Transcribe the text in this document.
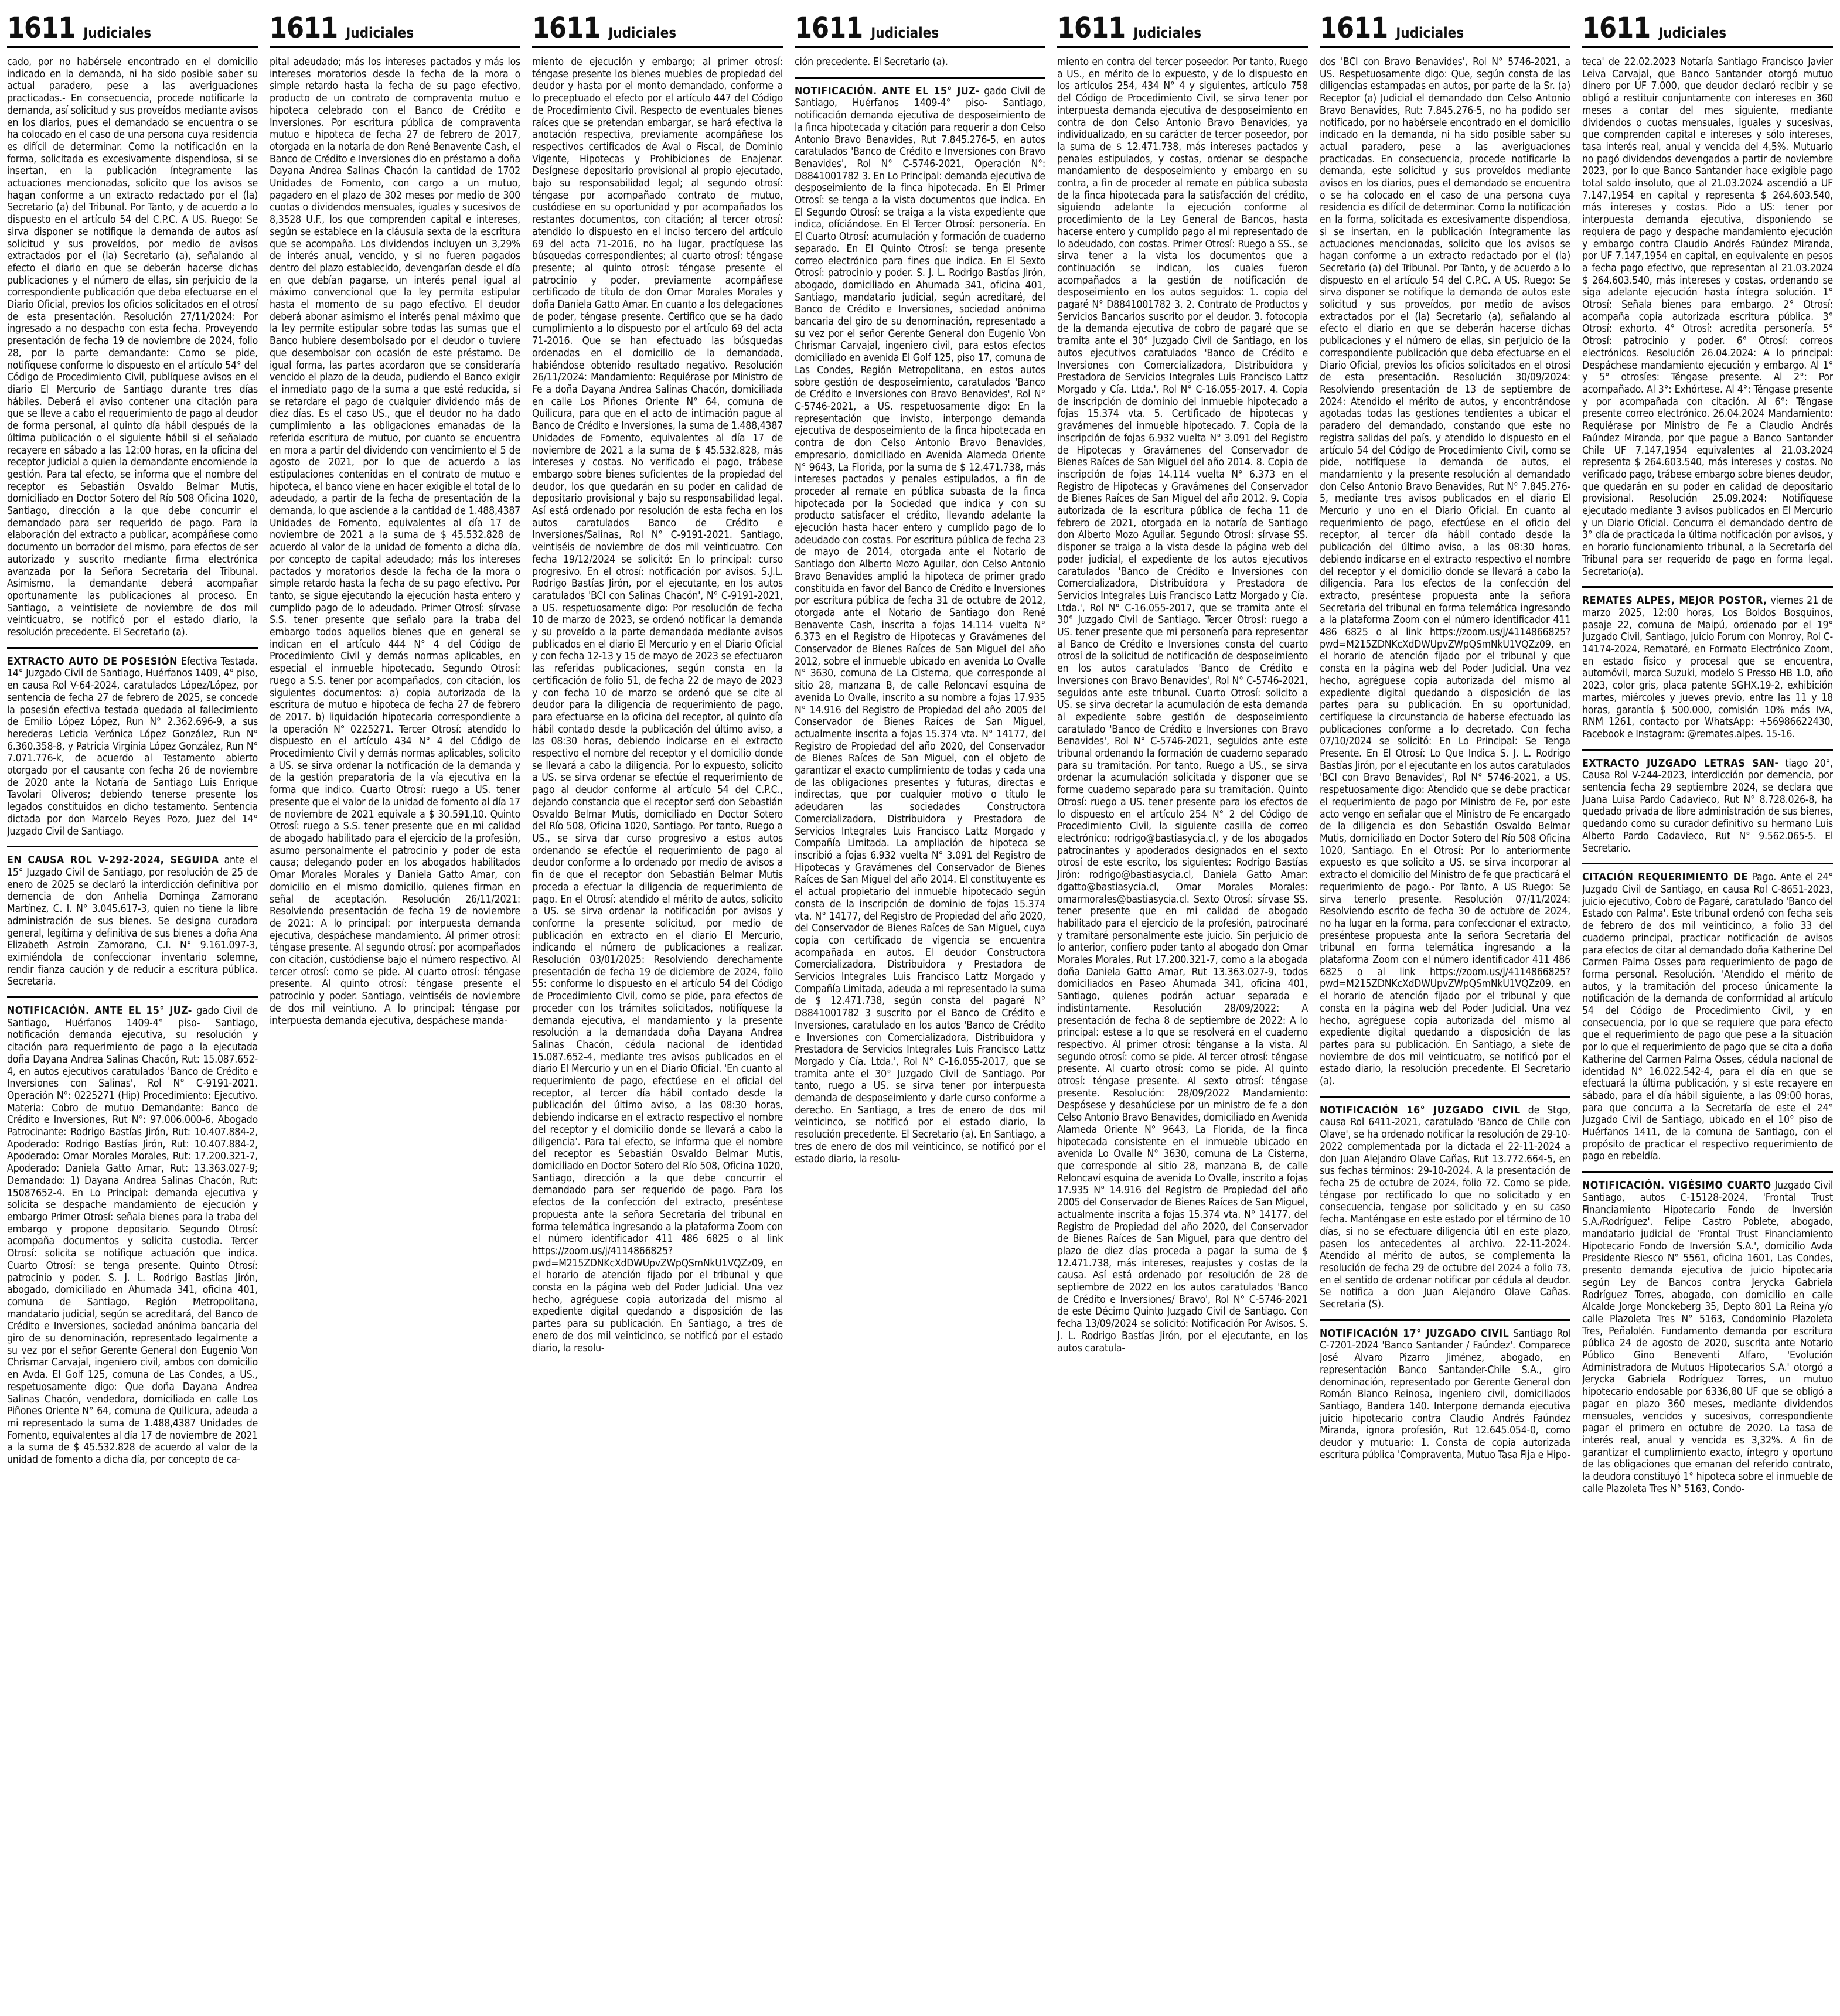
1611 Judiciales

cado, por no habérsele encontrado en el domicilio indicado en la demanda, ni ha sido posible saber su actual paradero, pese a las averiguaciones practicadas.- En consecuencia, procede notificarle la demanda, así solicitud y sus proveídos mediante avisos en los diarios, pues el demandado se encuentra o se ha colocado en el caso de una persona cuya residencia es difícil de determinar. Como la notificación en la forma, solicitada es excesivamente dispendiosa, si se insertan, en la publicación íntegramente las actuaciones mencionadas, solicito que los avisos se hagan conforme a un extracto redactado por el (la) Secretario (a) del Tribunal. Por Tanto, y de acuerdo a lo dispuesto en el artículo 54 del C.P.C. A US. Ruego: Se sirva disponer se notifique la demanda de autos así solicitud y sus proveídos, por medio de avisos extractados por el (la) Secretario (a), señalando al efecto el diario en que se deberán hacerse dichas publicaciones y el número de ellas, sin perjuicio de la correspondiente publicación que deba efectuarse en el Diario Oficial, previos los oficios solicitados en el otrosí de esta presentación. Resolución 27/11/2024: Por ingresado a no despacho con esta fecha. Proveyendo presentación de fecha 19 de noviembre de 2024, folio 28, por la parte demandante: Como se pide, notifíquese conforme lo dispuesto en el artículo 54° del Código de Procedimiento Civil, publíquese avisos en el diario El Mercurio de Santiago durante tres días hábiles. Deberá el aviso contener una citación para que se lleve a cabo el requerimiento de pago al deudor de forma personal, al quinto día hábil después de la última publicación o el siguiente hábil si el señalado recayere en sábado a las 12:00 horas, en la oficina del receptor judicial a quien la demandante encomiende la gestión. Para tal efecto, se informa que el nombre del receptor es Sebastián Osvaldo Belmar Mutis, domiciliado en Doctor Sotero del Río 508 Oficina 1020, Santiago, dirección a la que debe concurrir el demandado para ser requerido de pago. Para la elaboración del extracto a publicar, acompáñese como documento un borrador del mismo, para efectos de ser autorizado y suscrito mediante firma electrónica avanzada por la Señora Secretaria del Tribunal. Asimismo, la demandante deberá acompañar oportunamente las publicaciones al proceso. En Santiago, a veintisiete de noviembre de dos mil veinticuatro, se notificó por el estado diario, la resolución precedente. El Secretario (a).

EXTRACTO AUTO DE POSESIÓN Efectiva Testada. 14° Juzgado Civil de Santiago, Huérfanos 1409, 4° piso, en causa Rol V-64-2024, caratulados López/López, por sentencia de fecha 27 de febrero de 2025, se concede la posesión efectiva testada quedada al fallecimiento de Emilio López López, Run N° 2.362.696-9, a sus herederas Leticia Verónica López González, Run N° 6.360.358-8, y Patricia Virginia López González, Run N° 7.071.776-k, de acuerdo al Testamento abierto otorgado por el causante con fecha 26 de noviembre de 2020 ante la Notaría de Santiago Luis Enrique Tavolari Oliveros; debiendo tenerse presente los legados constituidos en dicho testamento. Sentencia dictada por don Marcelo Reyes Pozo, Juez del 14° Juzgado Civil de Santiago.

EN CAUSA ROL V-292-2024, SEGUIDA ante el 15° Juzgado Civil de Santiago, por resolución de 25 de enero de 2025 se declaró la interdicción definitiva por demencia de don Anhelia Dominga Zamorano Martínez, C. I. N° 3.045.617-3, quien no tiene la libre administración de sus bienes. Se designa curadora general, legítima y definitiva de sus bienes a doña Ana Elizabeth Astroin Zamorano, C.I. N° 9.161.097-3, eximiéndola de confeccionar inventario solemne, rendir fianza caución y de reducir a escritura pública. Secretaria.

NOTIFICACIÓN. ANTE EL 15° JUZ- gado Civil de Santiago, Huérfanos 1409-4° piso- Santiago, notificación demanda ejecutiva, su resolución y citación para requerimiento de pago a la ejecutada doña Dayana Andrea Salinas Chacón, Rut: 15.087.652-4, en autos ejecutivos caratulados 'Banco de Crédito e Inversiones con Salinas', Rol N° C-9191-2021. Operación N°: 0225271 (Hip) Procedimiento: Ejecutivo. Materia: Cobro de mutuo Demandante: Banco de Crédito e Inversiones, Rut N°: 97.006.000-6, Abogado Patrocinante: Rodrigo Bastías Jirón, Rut: 10.407.884-2, Apoderado: Rodrigo Bastías Jirón, Rut: 10.407.884-2, Apoderado: Omar Morales Morales, Rut: 17.200.321-7, Apoderado: Daniela Gatto Amar, Rut: 13.363.027-9; Demandado: 1) Dayana Andrea Salinas Chacón, Rut: 15087652-4. En Lo Principal: demanda ejecutiva y solicita se despache mandamiento de ejecución y embargo Primer Otrosí: señala bienes para la traba del embargo y propone depositario. Segundo Otrosí: acompaña documentos y solicita custodia. Tercer Otrosí: solicita se notifique actuación que indica. Cuarto Otrosí: se tenga presente. Quinto Otrosí: patrocinio y poder. S. J. L. Rodrigo Bastías Jirón, abogado, domiciliado en Ahumada 341, oficina 401, comuna de Santiago, Región Metropolitana, mandatario judicial, según se acreditará, del Banco de Crédito e Inversiones, sociedad anónima bancaria del giro de su denominación, representado legalmente a su vez por el señor Gerente General don Eugenio Von Chrismar Carvajal, ingeniero civil, ambos con domicilio en Avda. El Golf 125, comuna de Las Condes, a US., respetuosamente digo: Que doña Dayana Andrea Salinas Chacón, vendedora, domiciliada en calle Los Piñones Oriente N° 64, comuna de Quilicura, adeuda a mi representado la suma de 1.488,4387 Unidades de Fomento, equivalentes al día 17 de noviembre de 2021 a la suma de $ 45.532.828 de acuerdo al valor de la unidad de fomento a dicha día, por concepto de ca-

1611 Judiciales

pital adeudado; más los intereses pactados y más los intereses moratorios desde la fecha de la mora o simple retardo hasta la fecha de su pago efectivo, producto de un contrato de compraventa mutuo e hipoteca celebrado con el Banco de Crédito e Inversiones. Por escritura pública de compraventa mutuo e hipoteca de fecha 27 de febrero de 2017, otorgada en la notaría de don René Benavente Cash, el Banco de Crédito e Inversiones dio en préstamo a doña Dayana Andrea Salinas Chacón la cantidad de 1702 Unidades de Fomento, con cargo a un mutuo, pagadero en el plazo de 302 meses por medio de 300 cuotas o dividendos mensuales, iguales y sucesivos de 8,3528 U.F., los que comprenden capital e intereses, según se establece en la cláusula sexta de la escritura que se acompaña. Los dividendos incluyen un 3,29% de interés anual, vencido, y si no fueren pagados dentro del plazo establecido, devengarían desde el día en que debían pagarse, un interés penal igual al máximo convencional que la ley permita estipular hasta el momento de su pago efectivo. El deudor deberá abonar asimismo el interés penal máximo que la ley permite estipular sobre todas las sumas que el Banco hubiere desembolsado por el deudor o tuviere que desembolsar con ocasión de este préstamo. De igual forma, las partes acordaron que se consideraría vencido el plazo de la deuda, pudiendo el Banco exigir el inmediato pago de la suma a que esté reducida, si se retardare el pago de cualquier dividendo más de diez días. Es el caso US., que el deudor no ha dado cumplimiento a las obligaciones emanadas de la referida escritura de mutuo, por cuanto se encuentra en mora a partir del dividendo con vencimiento el 5 de agosto de 2021, por lo que de acuerdo a las estipulaciones contenidas en el contrato de mutuo e hipoteca, el banco viene en hacer exigible el total de lo adeudado, a partir de la fecha de presentación de la demanda, lo que asciende a la cantidad de 1.488,4387 Unidades de Fomento, equivalentes al día 17 de noviembre de 2021 a la suma de $ 45.532.828 de acuerdo al valor de la unidad de fomento a dicha día, por concepto de capital adeudado; más los intereses pactados y moratorios desde la fecha de la mora o simple retardo hasta la fecha de su pago efectivo. Por tanto, se sigue ejecutando la ejecución hasta entero y cumplido pago de lo adeudado. Primer Otrosí: sírvase S.S. tener presente que señalo para la traba del embargo todos aquellos bienes que en general se indican en el artículo 444 N° 4 del Código de Procedimiento Civil y demás normas aplicables, en especial el inmueble hipotecado. Segundo Otrosí: ruego a S.S. tener por acompañados, con citación, los siguientes documentos: a) copia autorizada de la escritura de mutuo e hipoteca de fecha 27 de febrero de 2017. b) liquidación hipotecaria correspondiente a la operación N° 0225271. Tercer Otrosí: atendido lo dispuesto en el artículo 434 N° 4 del Código de Procedimiento Civil y demás normas aplicables, solicito a US. se sirva ordenar la notificación de la demanda y de la gestión preparatoria de la vía ejecutiva en la forma que indico. Cuarto Otrosí: ruego a US. tener presente que el valor de la unidad de fomento al día 17 de noviembre de 2021 equivale a $ 30.591,10. Quinto Otrosí: ruego a S.S. tener presente que en mi calidad de abogado habilitado para el ejercicio de la profesión, asumo personalmente el patrocinio y poder de esta causa; delegando poder en los abogados habilitados Omar Morales Morales y Daniela Gatto Amar, con domicilio en el mismo domicilio, quienes firman en señal de aceptación. Resolución 26/11/2021: Resolviendo presentación de fecha 19 de noviembre de 2021: A lo principal: por interpuesta demanda ejecutiva, despáchese mandamiento. Al primer otrosí: téngase presente. Al segundo otrosí: por acompañados con citación, custódiense bajo el número respectivo. Al tercer otrosí: como se pide. Al cuarto otrosí: téngase presente. Al quinto otrosí: téngase presente el patrocinio y poder. Santiago, veintiséis de noviembre de dos mil veintiuno. A lo principal: téngase por interpuesta demanda ejecutiva, despáchese manda-

1611 Judiciales

miento de ejecución y embargo; al primer otrosí: téngase presente los bienes muebles de propiedad del deudor y hasta por el monto demandado, conforme a lo preceptuado el efecto por el artículo 447 del Código de Procedimiento Civil. Respecto de eventuales bienes raíces que se pretendan embargar, se hará efectiva la anotación respectiva, previamente acompáñese los respectivos certificados de Aval o Fiscal, de Dominio Vigente, Hipotecas y Prohibiciones de Enajenar. Desígnese depositario provisional al propio ejecutado, bajo su responsabilidad legal; al segundo otrosí: téngase por acompañado contrato de mutuo, custódiese en su oportunidad y por acompañados los restantes documentos, con citación; al tercer otrosí: atendido lo dispuesto en el inciso tercero del artículo 69 del acta 71-2016, no ha lugar, practíquese las búsquedas correspondientes; al cuarto otrosí: téngase presente; al quinto otrosí: téngase presente el patrocinio y poder, previamente acompáñese certificado de título de don Omar Morales Morales y doña Daniela Gatto Amar. En cuanto a los delegaciones de poder, téngase presente. Certifico que se ha dado cumplimiento a lo dispuesto por el artículo 69 del acta 71-2016. Que se han efectuado las búsquedas ordenadas en el domicilio de la demandada, habiéndose obtenido resultado negativo. Resolución 26/11/2024: Mandamiento: Requiérase por Ministro de Fe a doña Dayana Andrea Salinas Chacón, domiciliada en calle Los Piñones Oriente N° 64, comuna de Quilicura, para que en el acto de intimación pague al Banco de Crédito e Inversiones, la suma de 1.488,4387 Unidades de Fomento, equivalentes al día 17 de noviembre de 2021 a la suma de $ 45.532.828, más intereses y costas. No verificado el pago, trábese embargo sobre bienes suficientes de la propiedad del deudor, los que quedarán en su poder en calidad de depositario provisional y bajo su responsabilidad legal. Así está ordenado por resolución de esta fecha en los autos caratulados Banco de Crédito e Inversiones/Salinas, Rol N° C-9191-2021. Santiago, veintiséis de noviembre de dos mil veinticuatro. Con fecha 19/12/2024 se solicitó: En lo principal: curso progresivo. En el otrosí: notificación por avisos. S.J.L. Rodrigo Bastías Jirón, por el ejecutante, en los autos caratulados 'BCI con Salinas Chacón', N° C-9191-2021, a US. respetuosamente digo: Por resolución de fecha 10 de marzo de 2023, se ordenó notificar la demanda y su proveído a la parte demandada mediante avisos publicados en el diario El Mercurio y en el Diario Oficial y con fecha 12-13 y 15 de mayo de 2023 se efectuaron las referidas publicaciones, según consta en la certificación de folio 51, de fecha 22 de mayo de 2023 y con fecha 10 de marzo se ordenó que se cite al deudor para la diligencia de requerimiento de pago, para efectuarse en la oficina del receptor, al quinto día hábil contado desde la publicación del último aviso, a las 08:30 horas, debiendo indicarse en el extracto respectivo el nombre del receptor y el domicilio donde se llevará a cabo la diligencia. Por lo expuesto, solicito a US. se sirva ordenar se efectúe el requerimiento de pago al deudor conforme al artículo 54 del C.P.C., dejando constancia que el receptor será don Sebastián Osvaldo Belmar Mutis, domiciliado en Doctor Sotero del Río 508, Oficina 1020, Santiago. Por tanto, Ruego a US., se sirva dar curso progresivo a estos autos ordenando se efectúe el requerimiento de pago al deudor conforme a lo ordenado por medio de avisos a fin de que el receptor don Sebastián Belmar Mutis proceda a efectuar la diligencia de requerimiento de pago. En el Otrosí: atendido el mérito de autos, solicito a US. se sirva ordenar la notificación por avisos y conforme la presente solicitud, por medio de publicación en extracto en el diario El Mercurio, indicando el número de publicaciones a realizar. Resolución 03/01/2025: Resolviendo derechamente presentación de fecha 19 de diciembre de 2024, folio 55: conforme lo dispuesto en el artículo 54 del Código de Procedimiento Civil, como se pide, para efectos de proceder con los trámites solicitados, notifíquese la demanda ejecutiva, el mandamiento y la presente resolución a la demandada doña Dayana Andrea Salinas Chacón, cédula nacional de identidad 15.087.652-4, mediante tres avisos publicados en el diario El Mercurio y un en el Diario Oficial. 'En cuanto al requerimiento de pago, efectúese en el oficial del receptor, al tercer día hábil contado desde la publicación del último aviso, a las 08:30 horas, debiendo indicarse en el extracto respectivo el nombre del receptor y el domicilio donde se llevará a cabo la diligencia'. Para tal efecto, se informa que el nombre del receptor es Sebastián Osvaldo Belmar Mutis, domiciliado en Doctor Sotero del Río 508, Oficina 1020, Santiago, dirección a la que debe concurrir el demandado para ser requerido de pago. Para los efectos de la confección del extracto, preséntese propuesta ante la señora Secretaria del tribunal en forma telemática ingresando a la plataforma Zoom con el número identificador 411 486 6825 o al link https://zoom.us/j/4114866825?pwd=M215ZDNKcXdDWUpvZWpQSmNkU1VQZz09, en el horario de atención fijado por el tribunal y que consta en la página web del Poder Judicial. Una vez hecho, agréguese copia autorizada del mismo al expediente digital quedando a disposición de las partes para su publicación. En Santiago, a tres de enero de dos mil veinticinco, se notificó por el estado diario, la resolu-

1611 Judiciales

ción precedente. El Secretario (a).

NOTIFICACIÓN. ANTE EL 15° JUZ- gado Civil de Santiago, Huérfanos 1409-4° piso- Santiago, notificación demanda ejecutiva de desposeimiento de la finca hipotecada y citación para requerir a don Celso Antonio Bravo Benavides, Rut 7.845.276-5, en autos caratulados 'Banco de Crédito e Inversiones con Bravo Benavides', Rol N° C-5746-2021, Operación N°: D8841001782 3. En Lo Principal: demanda ejecutiva de desposeimiento de la finca hipotecada. En El Primer Otrosí: se tenga a la vista documentos que indica. En El Segundo Otrosí: se traiga a la vista expediente que indica, ofíciándose. En El Tercer Otrosí: personería. En El Cuarto Otrosí: acumulación y formación de cuaderno separado. En El Quinto Otrosí: se tenga presente correo electrónico para fines que indica. En El Sexto Otrosí: patrocinio y poder. S. J. L. Rodrigo Bastías Jirón, abogado, domiciliado en Ahumada 341, oficina 401, Santiago, mandatario judicial, según acreditaré, del Banco de Crédito e Inversiones, sociedad anónima bancaria del giro de su denominación, representado a su vez por el señor Gerente General don Eugenio Von Chrismar Carvajal, ingeniero civil, para estos efectos domiciliado en avenida El Golf 125, piso 17, comuna de Las Condes, Región Metropolitana, en estos autos sobre gestión de desposeimiento, caratulados 'Banco de Crédito e Inversiones con Bravo Benavides', Rol N° C-5746-2021, a US. respetuosamente digo: En la representación que invisto, interpongo demanda ejecutiva de desposeimiento de la finca hipotecada en contra de don Celso Antonio Bravo Benavides, empresario, domiciliado en Avenida Alameda Oriente N° 9643, La Florida, por la suma de $ 12.471.738, más intereses pactados y penales estipulados, a fin de proceder al remate en pública subasta de la finca hipotecada por la Sociedad que indica y con su producto satisfacer el crédito, llevando adelante la ejecución hasta hacer entero y cumplido pago de lo adeudado con costas. Por escritura pública de fecha 23 de mayo de 2014, otorgada ante el Notario de Santiago don Alberto Mozo Aguilar, don Celso Antonio Bravo Benavides amplió la hipoteca de primer grado constituida en favor del Banco de Crédito e Inversiones por escritura pública de fecha 31 de octubre de 2012, otorgada ante el Notario de Santiago don René Benavente Cash, inscrita a fojas 14.114 vuelta N° 6.373 en el Registro de Hipotecas y Gravámenes del Conservador de Bienes Raíces de San Miguel del año 2012, sobre el inmueble ubicado en avenida Lo Ovalle N° 3630, comuna de La Cisterna, que corresponde al sitio 28, manzana B, de calle Reloncaví esquina de avenida Lo Ovalle, inscrito a su nombre a fojas 17.935 N° 14.916 del Registro de Propiedad del año 2005 del Conservador de Bienes Raíces de San Miguel, actualmente inscrita a fojas 15.374 vta. N° 14177, del Registro de Propiedad del año 2020, del Conservador de Bienes Raíces de San Miguel, con el objeto de garantizar el exacto cumplimiento de todas y cada una de las obligaciones presentes y futuras, directas e indirectas, que por cualquier motivo o título le adeudaren las sociedades Constructora Comercializadora, Distribuidora y Prestadora de Servicios Integrales Luis Francisco Lattz Morgado y Compañía Limitada. La ampliación de hipoteca se inscribió a fojas 6.932 vuelta N° 3.091 del Registro de Hipotecas y Gravámenes del Conservador de Bienes Raíces de San Miguel del año 2014. El constituyente es el actual propietario del inmueble hipotecado según consta de la inscripción de dominio de fojas 15.374 vta. N° 14177, del Registro de Propiedad del año 2020, del Conservador de Bienes Raíces de San Miguel, cuya copia con certificado de vigencia se encuentra acompañada en autos. El deudor Constructora Comercializadora, Distribuidora y Prestadora de Servicios Integrales Luis Francisco Lattz Morgado y Compañía Limitada, adeuda a mi representado la suma de $ 12.471.738, según consta del pagaré N° D8841001782 3 suscrito por el Banco de Crédito e Inversiones, caratulado en los autos 'Banco de Crédito e Inversiones con Comercializadora, Distribuidora y Prestadora de Servicios Integrales Luis Francisco Lattz Morgado y Cía. Ltda.', Rol N° C-16.055-2017, que se tramita ante el 30° Juzgado Civil de Santiago. Por tanto, ruego a US. se sirva tener por interpuesta demanda de desposeimiento y darle curso conforme a derecho. En Santiago, a tres de enero de dos mil veinticinco, se notificó por el estado diario, la resolución precedente. El Secretario (a). En Santiago, a tres de enero de dos mil veinticinco, se notificó por el estado diario, la resolu-

1611 Judiciales

miento en contra del tercer poseedor. Por tanto, Ruego a US., en mérito de lo expuesto, y de lo dispuesto en los artículos 254, 434 N° 4 y siguientes, artículo 758 del Código de Procedimiento Civil, se sirva tener por interpuesta demanda ejecutiva de desposeimiento en contra de don Celso Antonio Bravo Benavides, ya individualizado, en su carácter de tercer poseedor, por la suma de $ 12.471.738, más intereses pactados y penales estipulados, y costas, ordenar se despache mandamiento de desposeimiento y embargo en su contra, a fin de proceder al remate en pública subasta de la finca hipotecada para la satisfacción del crédito, siguiendo adelante la ejecución conforme al procedimiento de la Ley General de Bancos, hasta hacerse entero y cumplido pago al mi representado de lo adeudado, con costas. Primer Otrosí: Ruego a SS., se sirva tener a la vista los documentos que a continuación se indican, los cuales fueron acompañados a la gestión de notificación de desposeimiento en los autos seguidos: 1. copia del pagaré N° D8841001782 3. 2. Contrato de Productos y Servicios Bancarios suscrito por el deudor. 3. fotocopia de la demanda ejecutiva de cobro de pagaré que se tramita ante el 30° Juzgado Civil de Santiago, en los autos ejecutivos caratulados 'Banco de Crédito e Inversiones con Comercializadora, Distribuidora y Prestadora de Servicios Integrales Luis Francisco Lattz Morgado y Cía. Ltda.', Rol N° C-16.055-2017. 4. Copia de inscripción de dominio del inmueble hipotecado a fojas 15.374 vta. 5. Certificado de hipotecas y gravámenes del inmueble hipotecado. 7. Copia de la inscripción de fojas 6.932 vuelta N° 3.091 del Registro de Hipotecas y Gravámenes del Conservador de Bienes Raíces de San Miguel del año 2014. 8. Copia de inscripción de fojas 14.114 vuelta N° 6.373 en el Registro de Hipotecas y Gravámenes del Conservador de Bienes Raíces de San Miguel del año 2012. 9. Copia autorizada de la escritura pública de fecha 11 de febrero de 2021, otorgada en la notaría de Santiago don Alberto Mozo Aguilar. Segundo Otrosí: sírvase SS. disponer se traiga a la vista desde la página web del poder judicial, el expediente de los autos ejecutivos caratulados 'Banco de Crédito e Inversiones con Comercializadora, Distribuidora y Prestadora de Servicios Integrales Luis Francisco Lattz Morgado y Cía. Ltda.', Rol N° C-16.055-2017, que se tramita ante el 30° Juzgado Civil de Santiago. Tercer Otrosí: ruego a US. tener presente que mi personería para representar al Banco de Crédito e Inversiones consta del cuarto otrosí de la solicitud de notificación de desposeimiento en los autos caratulados 'Banco de Crédito e Inversiones con Bravo Benavides', Rol N° C-5746-2021, seguidos ante este tribunal. Cuarto Otrosí: solicito a US. se sirva decretar la acumulación de esta demanda al expediente sobre gestión de desposeimiento caratulado 'Banco de Crédito e Inversiones con Bravo Benavides', Rol N° C-5746-2021, seguidos ante este tribunal ordenando la formación de cuaderno separado para su tramitación. Por tanto, Ruego a US., se sirva ordenar la acumulación solicitada y disponer que se forme cuaderno separado para su tramitación. Quinto Otrosí: ruego a US. tener presente para los efectos de lo dispuesto en el artículo 254 N° 2 del Código de Procedimiento Civil, la siguiente casilla de correo electrónico: rodrigo@bastiasycia.cl, y de los abogados patrocinantes y apoderados designados en el sexto otrosí de este escrito, los siguientes: Rodrigo Bastías Jirón: rodrigo@bastiasycia.cl, Daniela Gatto Amar: dgatto@bastiasycia.cl, Omar Morales Morales: omarmorales@bastiasycia.cl. Sexto Otrosí: sírvase SS. tener presente que en mi calidad de abogado habilitado para el ejercicio de la profesión, patrocinaré y tramitaré personalmente este juicio. Sin perjuicio de lo anterior, confiero poder tanto al abogado don Omar Morales Morales, Rut 17.200.321-7, como a la abogada doña Daniela Gatto Amar, Rut 13.363.027-9, todos domiciliados en Paseo Ahumada 341, oficina 401, Santiago, quienes podrán actuar separada e indistintamente. Resolución 28/09/2022: A presentación de fecha 8 de septiembre de 2022: A lo principal: estese a lo que se resolverá en el cuaderno respectivo. Al primer otrosí: ténganse a la vista. Al segundo otrosí: como se pide. Al tercer otrosí: téngase presente. Al cuarto otrosí: como se pide. Al quinto otrosí: téngase presente. Al sexto otrosí: téngase presente. Resolución: 28/09/2022 Mandamiento: Despósese y desahúciese por un ministro de fe a don Celso Antonio Bravo Benavides, domiciliado en Avenida Alameda Oriente N° 9643, La Florida, de la finca hipotecada consistente en el inmueble ubicado en avenida Lo Ovalle N° 3630, comuna de La Cisterna, que corresponde al sitio 28, manzana B, de calle Reloncaví esquina de avenida Lo Ovalle, inscrito a fojas 17.935 N° 14.916 del Registro de Propiedad del año 2005 del Conservador de Bienes Raíces de San Miguel, actualmente inscrita a fojas 15.374 vta. N° 14177, del Registro de Propiedad del año 2020, del Conservador de Bienes Raíces de San Miguel, para que dentro del plazo de diez días proceda a pagar la suma de $ 12.471.738, más intereses, reajustes y costas de la causa. Así está ordenado por resolución de 28 de septiembre de 2022 en los autos caratulados 'Banco de Crédito e Inversiones/ Bravo', Rol N° C-5746-2021 de este Décimo Quinto Juzgado Civil de Santiago. Con fecha 13/09/2024 se solicitó: Notificación Por Avisos. S. J. L. Rodrigo Bastías Jirón, por el ejecutante, en los autos caratula-

1611 Judiciales

dos 'BCI con Bravo Benavides', Rol N° 5746-2021, a US. Respetuosamente digo: Que, según consta de las diligencias estampadas en autos, por parte de la Sr. (a) Receptor (a) Judicial el demandado don Celso Antonio Bravo Benavides, Rut: 7.845.276-5, no ha podido ser notificado, por no habérsele encontrado en el domicilio indicado en la demanda, ni ha sido posible saber su actual paradero, pese a las averiguaciones practicadas. En consecuencia, procede notificarle la demanda, este solicitud y sus proveídos mediante avisos en los diarios, pues el demandado se encuentra o se ha colocado en el caso de una persona cuya residencia es difícil de determinar. Como la notificación en la forma, solicitada es excesivamente dispendiosa, si se insertan, en la publicación íntegramente las actuaciones mencionadas, solicito que los avisos se hagan conforme a un extracto redactado por el (la) Secretario (a) del Tribunal. Por Tanto, y de acuerdo a lo dispuesto en el artículo 54 del C.P.C. A US. Ruego: Se sirva disponer se notifique la demanda de autos este solicitud y sus proveídos, por medio de avisos extractados por el (la) Secretario (a), señalando al efecto el diario en que se deberán hacerse dichas publicaciones y el número de ellas, sin perjuicio de la correspondiente publicación que deba efectuarse en el Diario Oficial, previos los oficios solicitados en el otrosí de esta presentación. Resolución 30/09/2024: Resolviendo presentación de 13 de septiembre de 2024: Atendido el mérito de autos, y encontrándose agotadas todas las gestiones tendientes a ubicar el paradero del demandado, constando que este no registra salidas del país, y atendido lo dispuesto en el artículo 54 del Código de Procedimiento Civil, como se pide, notifíquese la demanda de autos, el mandamiento y la presente resolución al demandado don Celso Antonio Bravo Benavides, Rut N° 7.845.276-5, mediante tres avisos publicados en el diario El Mercurio y uno en el Diario Oficial. En cuanto al requerimiento de pago, efectúese en el oficio del receptor, al tercer día hábil contado desde la publicación del último aviso, a las 08:30 horas, debiendo indicarse en el extracto respectivo el nombre del receptor y el domicilio donde se llevará a cabo la diligencia. Para los efectos de la confección del extracto, preséntese propuesta ante la señora Secretaria del tribunal en forma telemática ingresando a la plataforma Zoom con el número identificador 411 486 6825 o al link https://zoom.us/j/4114866825?pwd=M215ZDNKcXdDWUpvZWpQSmNkU1VQZz09, en el horario de atención fijado por el tribunal y que consta en la página web del Poder Judicial. Una vez hecho, agréguese copia autorizada del mismo al expediente digital quedando a disposición de las partes para su publicación. En su oportunidad, certifíquese la circunstancia de haberse efectuado las publicaciones conforme a lo decretado. Con fecha 07/10/2024 se solicitó: En Lo Principal: Se Tenga Presente. En El Otrosí: Lo Que Indica S. J. L. Rodrigo Bastías Jirón, por el ejecutante en los autos caratulados 'BCI con Bravo Benavides', Rol N° 5746-2021, a US. respetuosamente digo: Atendido que se debe practicar el requerimiento de pago por Ministro de Fe, por este acto vengo en señalar que el Ministro de Fe encargado de la diligencia es don Sebastián Osvaldo Belmar Mutis, domiciliado en Doctor Sotero del Río 508 Oficina 1020, Santiago. En el Otrosí: Por lo anteriormente expuesto es que solicito a US. se sirva incorporar al extracto el domicilio del Ministro de fe que practicará el requerimiento de pago.- Por Tanto, A US Ruego: Se sirva tenerlo presente. Resolución 07/11/2024: Resolviendo escrito de fecha 30 de octubre de 2024, no ha lugar en la forma, para confeccionar el extracto, preséntese propuesta ante la señora Secretaria del tribunal en forma telemática ingresando a la plataforma Zoom con el número identificador 411 486 6825 o al link https://zoom.us/j/4114866825?pwd=M215ZDNKcXdDWUpvZWpQSmNkU1VQZz09, en el horario de atención fijado por el tribunal y que consta en la página web del Poder Judicial. Una vez hecho, agréguese copia autorizada del mismo al expediente digital quedando a disposición de las partes para su publicación. En Santiago, a siete de noviembre de dos mil veinticuatro, se notificó por el estado diario, la resolución precedente. El Secretario (a).

NOTIFICACIÓN 16° JUZGADO CIVIL de Stgo, causa Rol 6411-2021, caratulado 'Banco de Chile con Olave', se ha ordenado notificar la resolución de 29-10-2022 complementada por la dictada el 22-11-2024 a don Juan Alejandro Olave Cañas, Rut 13.772.664-5, en sus fechas términos: 29-10-2024. A la presentación de fecha 25 de octubre de 2024, folio 72. Como se pide, téngase por rectificado lo que no solicitado y en consecuencia, tengase por solicitado y en su caso fecha. Manténgase en este estado por el término de 10 días, si no se efectuare diligencia útil en este plazo, pasen los antecedentes al archivo. 22-11-2024. Atendido al mérito de autos, se complementa la resolución de fecha 29 de octubre del 2024 a folio 73, en el sentido de ordenar notificar por cédula al deudor. Se notifica a don Juan Alejandro Olave Cañas. Secretaria (S).

NOTIFICACIÓN 17° JUZGADO CIVIL Santiago Rol C-7201-2024 'Banco Santander / Faúndez'. Comparece José Alvaro Pizarro Jiménez, abogado, en representación Banco Santander-Chile S.A., giro denominación, representado por Gerente General don Román Blanco Reinosa, ingeniero civil, domiciliados Santiago, Bandera 140. Interpone demanda ejecutiva juicio hipotecario contra Claudio Andrés Faúndez Miranda, ignora profesión, Rut 12.645.054-0, como deudor y mutuario: 1. Consta de copia autorizada escritura pública 'Compraventa, Mutuo Tasa Fija e Hipo-

1611 Judiciales

teca' de 22.02.2023 Notaría Santiago Francisco Javier Leiva Carvajal, que Banco Santander otorgó mutuo dinero por UF 7.000, que deudor declaró recibir y se obligó a restituir conjuntamente con intereses en 360 meses a contar del mes siguiente, mediante dividendos o cuotas mensuales, iguales y sucesivas, que comprenden capital e intereses y sólo intereses, tasa interés real, anual y vencida del 4,5%. Mutuario no pagó dividendos devengados a partir de noviembre 2023, por lo que Banco Santander hace exigible pago total saldo insoluto, que al 21.03.2024 ascendió a UF 7.147,1954 en capital y representa $ 264.603.540, más intereses y costas. Pido a US: tener por interpuesta demanda ejecutiva, disponiendo se requiera de pago y despache mandamiento ejecución y embargo contra Claudio Andrés Faúndez Miranda, por UF 7.147,1954 en capital, en equivalente en pesos a fecha pago efectivo, que representan al 21.03.2024 $ 264.603.540, más intereses y costas, ordenando se siga adelante ejecución hasta íntegra solución. 1° Otrosí: Señala bienes para embargo. 2° Otrosí: acompaña copia autorizada escritura pública. 3° Otrosí: exhorto. 4° Otrosí: acredita personería. 5° Otrosí: patrocinio y poder. 6° Otrosí: correos electrónicos. Resolución 26.04.2024: A lo principal: Despáchese mandamiento ejecución y embargo. Al 1° y 5° otrosíes: Téngase presente. Al 2°: Por acompañado. Al 3°: Exhórtese. Al 4°: Téngase presente y por acompañada con citación. Al 6°: Téngase presente correo electrónico. 26.04.2024 Mandamiento: Requiérase por Ministro de Fe a Claudio Andrés Faúndez Miranda, por que pague a Banco Santander Chile UF 7.147,1954 equivalentes al 21.03.2024 representa $ 264.603.540, más intereses y costas. No verificado pago, trábese embargo sobre bienes deudor, que quedarán en su poder en calidad de depositario provisional. Resolución 25.09.2024: Notifíquese ejecutado mediante 3 avisos publicados en El Mercurio y un Diario Oficial. Concurra el demandado dentro de 3° día de practicada la última notificación por avisos, y en horario funcionamiento tribunal, a la Secretaría del Tribunal para ser requerido de pago en forma legal. Secretario(a).

REMATES ALPES, MEJOR POSTOR, viernes 21 de marzo 2025, 12:00 horas, Los Boldos Bosquinos, pasaje 22, comuna de Maipú, ordenado por el 19° Juzgado Civil, Santiago, juicio Forum con Monroy, Rol C-14174-2024, Remataré, en Formato Electrónico Zoom, en estado físico y procesal que se encuentra, automóvil, marca Suzuki, modelo S Presso HB 1.0, año 2023, color gris, placa patente SGHX.19-2, exhibición martes, miércoles y jueves previo, entre las 11 y 18 horas, garantía $ 500.000, comisión 10% más IVA, RNM 1261, contacto por WhatsApp: +56986622430, Facebook e Instagram: @remates.alpes. 15-16.

EXTRACTO JUZGADO LETRAS SAN- tiago 20°, Causa Rol V-244-2023, interdicción por demencia, por sentencia fecha 29 septiembre 2024, se declara que Juana Luisa Pardo Cadavieco, Rut N° 8.728.026-8, ha quedado privada de libre administración de sus bienes, quedando como su curador definitivo su hermano Luis Alberto Pardo Cadavieco, Rut N° 9.562.065-5. El Secretario.

CITACIÓN REQUERIMIENTO DE Pago. Ante el 24° Juzgado Civil de Santiago, en causa Rol C-8651-2023, juicio ejecutivo, Cobro de Pagaré, caratulado 'Banco del Estado con Palma'. Este tribunal ordenó con fecha seis de febrero de dos mil veinticinco, a folio 33 del cuaderno principal, practicar notificación de avisos para efectos de citar al demandado doña Katherine Del Carmen Palma Osses para requerimiento de pago de forma personal. Resolución. 'Atendido el mérito de autos, y la tramitación del proceso únicamente la notificación de la demanda de conformidad al artículo 54 del Código de Procedimiento Civil, y en consecuencia, por lo que se requiere que para efecto que el requerimiento de pago que pese a la situación por lo que el requerimiento de pago que se cita a doña Katherine del Carmen Palma Osses, cédula nacional de identidad N° 16.022.542-4, para el día en que se efectuará la última publicación, y si este recayere en sábado, para el día hábil siguiente, a las 09:00 horas, para que concurra a la Secretaría de este el 24° Juzgado Civil de Santiago, ubicado en el 10° piso de Huérfanos 1411, de la comuna de Santiago, con el propósito de practicar el respectivo requerimiento de pago en rebeldía.

NOTIFICACIÓN. VIGÉSIMO CUARTO Juzgado Civil Santiago, autos C-15128-2024, 'Frontal Trust Financiamiento Hipotecario Fondo de Inversión S.A./Rodríguez'. Felipe Castro Poblete, abogado, mandatario judicial de 'Frontal Trust Financiamiento Hipotecario Fondo de Inversión S.A.', domicilio Avda Presidente Riesco N° 5561, oficina 1601, Las Condes, presento demanda ejecutiva de juicio hipotecaria según Ley de Bancos contra Jerycka Gabriela Rodríguez Torres, abogado, con domicilio en calle Alcalde Jorge Monckeberg 35, Depto 801 La Reina y/o calle Plazoleta Tres N° 5163, Condominio Plazoleta Tres, Peñalolén. Fundamento demanda por escritura pública 24 de agosto de 2020, suscrita ante Notario Público Gino Beneventi Alfaro, 'Evolución Administradora de Mutuos Hipotecarios S.A.' otorgó a Jerycka Gabriela Rodríguez Torres, un mutuo hipotecario endosable por 6336,80 UF que se obligó a pagar en plazo 360 meses, mediante dividendos mensuales, vencidos y sucesivos, correspondiente pagar el primero en octubre de 2020. La tasa de interés real, anual y vencida es 3,32%. A fin de garantizar el cumplimiento exacto, íntegro y oportuno de las obligaciones que emanan del referido contrato, la deudora constituyó 1° hipoteca sobre el inmueble de calle Plazoleta Tres N° 5163, Condo-
